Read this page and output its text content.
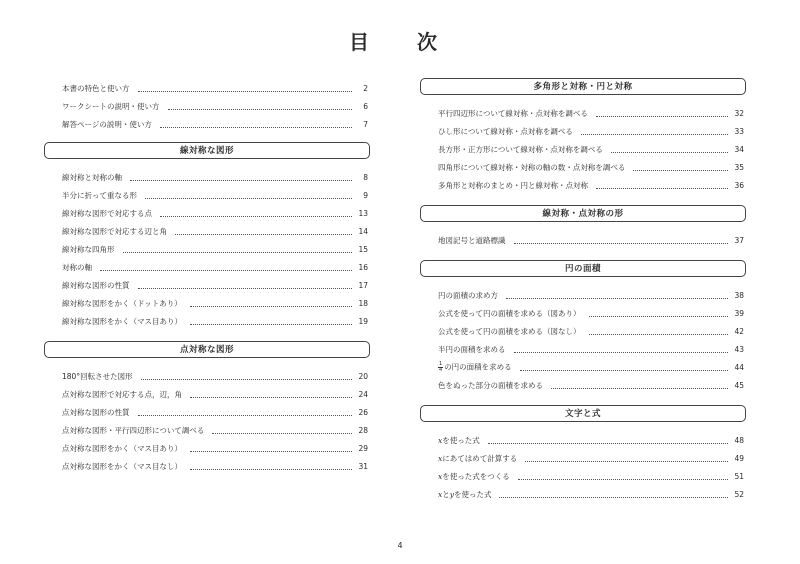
目　次
本書の特色と使い方	2
ワークシートの説明・使い方	6
解答ページの説明・使い方	7
線対称な図形
線対称と対称の軸	8
半分に折って重なる形	9
線対称な図形で対応する点	13
線対称な図形で対応する辺と角	14
線対称な四角形	15
対称の軸	16
線対称な図形の性質	17
線対称な図形をかく（ドットあり）	18
線対称な図形をかく（マス目あり）	19
点対称な図形
180°回転させた図形	20
点対称な図形で対応する点，辺，角	24
点対称な図形の性質	26
点対称な図形・平行四辺形について調べる	28
点対称な図形をかく（マス目あり）	29
点対称な図形をかく（マス目なし）	31
多角形と対称・円と対称
平行四辺形について線対称・点対称を調べる	32
ひし形について線対称・点対称を調べる	33
長方形・正方形について線対称・点対称を調べる	34
四角形について線対称・対称の軸の数・点対称を調べる	35
多角形と対称のまとめ・円と線対称・点対称	36
線対称・点対称の形
地図記号と道路標識	37
円の面積
円の面積の求め方	38
公式を使って円の面積を求める（図あり）	39
公式を使って円の面積を求める（図なし）	42
半円の面積を求める	43
$\frac{1}{4}$ の円の面積を求める	44
色をぬった部分の面積を求める	45
文字と式
xを使った式	48
xにあてはめて計算する	49
xを使った式をつくる	51
xとyを使った式	52
4
